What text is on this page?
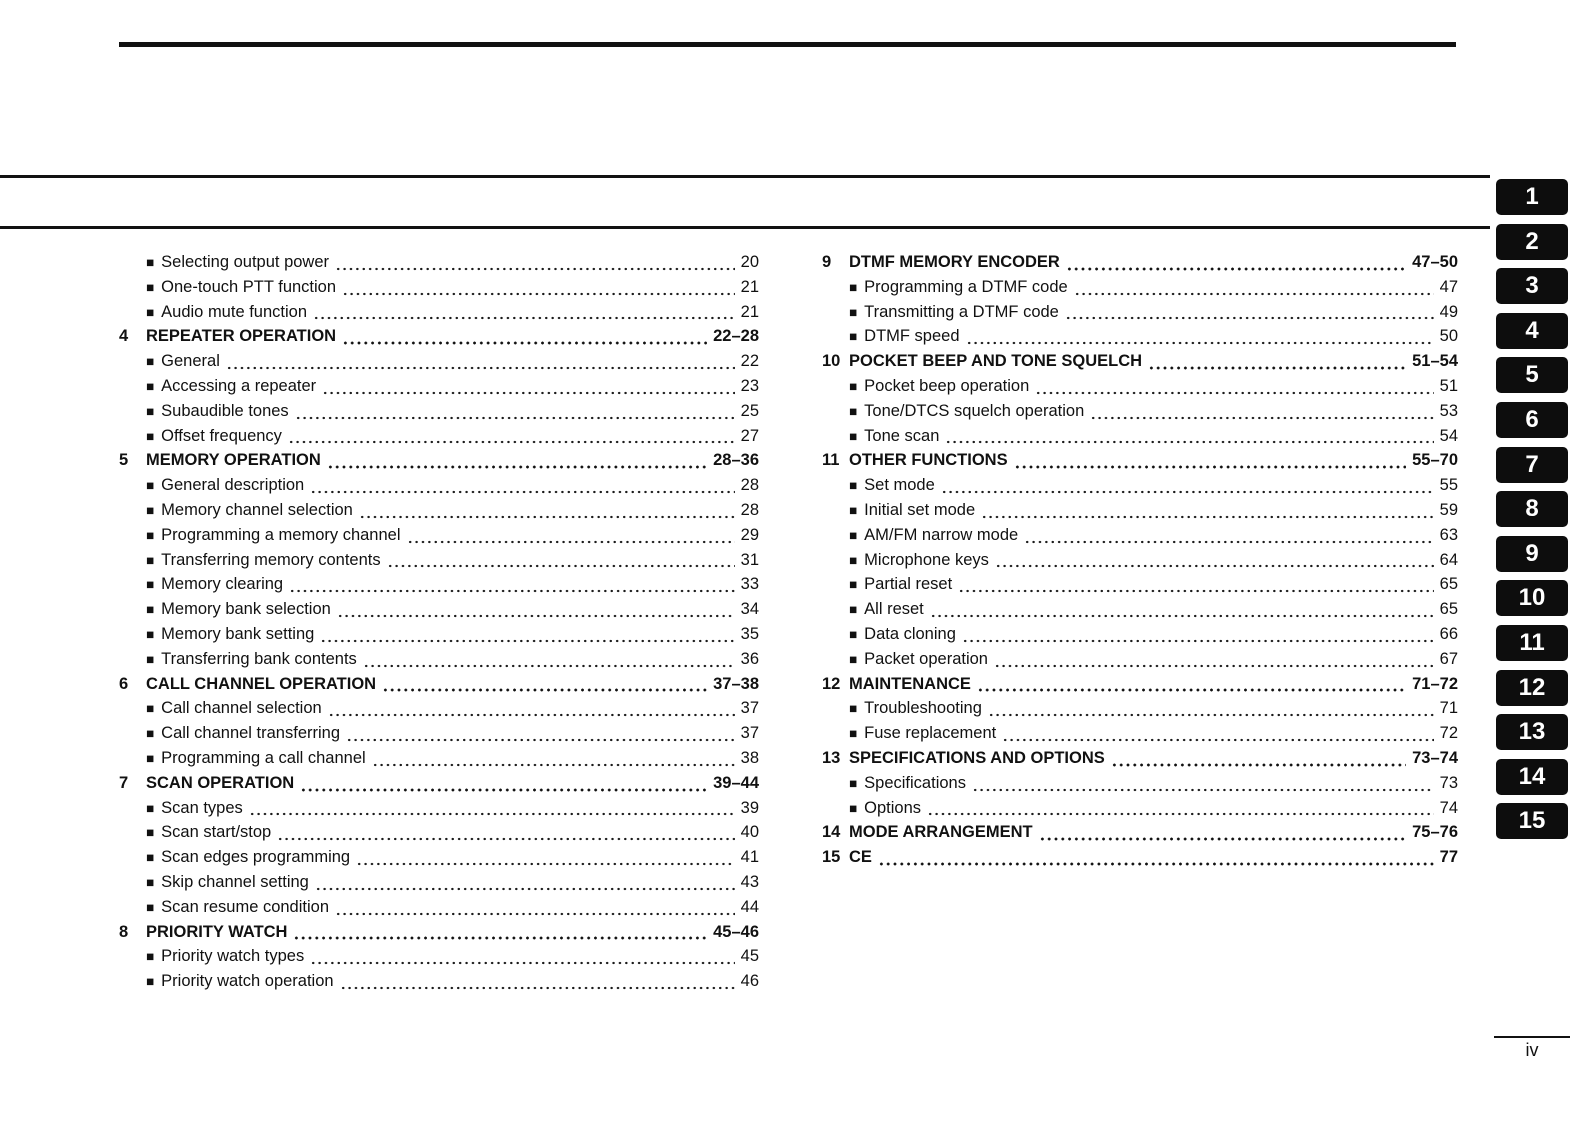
1
2
3
4
5
6
7
8
9
10
11
12
13
14
15
■ Selecting output power	20
■ One-touch PTT function	21
■ Audio mute function	21
4	REPEATER OPERATION	22–28
■ General	22
■ Accessing a repeater	23
■ Subaudible tones	25
■ Offset frequency	27
5	MEMORY OPERATION	28–36
■ General description	28
■ Memory channel selection	28
■ Programming a memory channel	29
■ Transferring memory contents	31
■ Memory clearing	33
■ Memory bank selection	34
■ Memory bank setting	35
■ Transferring bank contents	36
6	CALL CHANNEL OPERATION	37–38
■ Call channel selection	37
■ Call channel transferring	37
■ Programming a call channel	38
7	SCAN OPERATION	39–44
■ Scan types	39
■ Scan start/stop	40
■ Scan edges programming	41
■ Skip channel setting	43
■ Scan resume condition	44
8	PRIORITY WATCH	45–46
■ Priority watch types	45
■ Priority watch operation	46
9	DTMF MEMORY ENCODER	47–50
■ Programming a DTMF code	47
■ Transmitting a DTMF code	49
■ DTMF speed	50
10 POCKET BEEP AND TONE SQUELCH	51–54
■ Pocket beep operation	51
■ Tone/DTCS squelch operation	53
■ Tone scan	54
11 OTHER FUNCTIONS	55–70
■ Set mode	55
■ Initial set mode	59
■ AM/FM narrow mode	63
■ Microphone keys	64
■ Partial reset	65
■ All reset	65
■ Data cloning	66
■ Packet operation	67
12 MAINTENANCE	71–72
■ Troubleshooting	71
■ Fuse replacement	72
13 SPECIFICATIONS AND OPTIONS	73–74
■ Specifications	73
■ Options	74
14 MODE ARRANGEMENT	75–76
15 CE	77
iv
